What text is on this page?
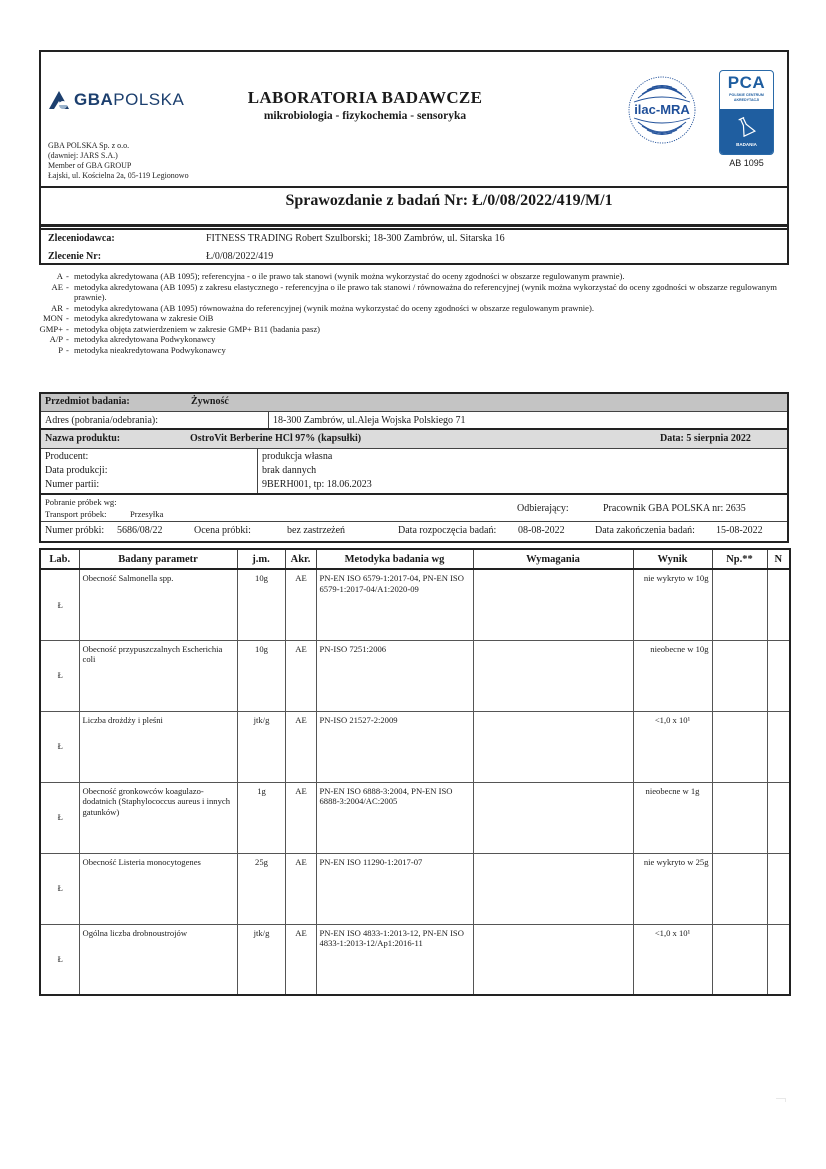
GBA POLSKA
GBA POLSKA Sp. z o.o.
(dawniej: JARS S.A.)
Member of GBA GROUP
Łajski, ul. Kościelna 2a, 05-119 Legionowo
LABORATORIA BADAWCZE
mikrobiologia - fizykochemia - sensoryka	ilac-MRA
PCA
POLSKIE CENTRUM
AKREDYTACJI
BADANIA
AB 1095
Sprawozdanie z badań Nr: Ł/0/08/2022/419/M/1
Zleceniodawca:	FITNESS TRADING Robert Szulborski; 18-300 Zambrów, ul. Sitarska 16
Zlecenie Nr:	Ł/0/08/2022/419
A - metodyka akredytowana (AB 1095); referencyjna - o ile prawo tak stanowi (wynik można wykorzystać do oceny zgodności w obszarze regulowanym prawnie).
AE - metodyka akredytowana (AB 1095) z zakresu elastycznego - referencyjna o ile prawo tak stanowi / równoważna do referencyjnej (wynik można wykorzystać do oceny zgodności w obszarze regulowanym prawnie).
AR - metodyka akredytowana (AB 1095) równoważna do referencyjnej (wynik można wykorzystać do oceny zgodności w obszarze regulowanym prawnie).
MON - metodyka akredytowana w zakresie OiB
GMP+ - metodyka objęta zatwierdzeniem w zakresie GMP+ B11 (badania pasz)
A/P - metodyka akredytowana Podwykonawcy
P - metodyka nieakredytowana Podwykonawcy
Przedmiot badania:	Żywność
Adres (pobrania/odebrania):	18-300 Zambrów, ul.Aleja Wojska Polskiego 71
Nazwa produktu:	OstroVit Berberine HCl 97% (kapsułki)	Data: 5 sierpnia 2022
Producent:	produkcja własna
Data produkcji:	brak dannych
Numer partii:	9BERH001, tp: 18.06.2023
Pobranie próbek wg:
Transport próbek:	Przesyłka	Odbierający:	Pracownik GBA POLSKA nr: 2635
Numer próbki: 5686/08/22	Ocena próbki:	bez zastrzeżeń	Data rozpoczęcia badań: 08-08-2022	Data zakończenia badań: 15-08-2022
Lab.	Badany parametr	j.m.	Akr.	Metodyka badania wg	Wymagania	Wynik	Np.**	N
Ł	Obecność Salmonella spp.	10g	AE	PN-EN ISO 6579-1:2017-04, PN-EN ISO 6579-1:2017-04/A1:2020-09		nie wykryto w 10g		
Ł	Obecność przypuszczalnych Escherichia coli	10g	AE	PN-ISO 7251:2006		nieobecne w 10g		
Ł	Liczba drożdży i pleśni	jtk/g	AE	PN-ISO 21527-2:2009		<1,0 x 10¹		
Ł	Obecność gronkowców koagulazo-dodatnich (Staphylococcus aureus i innych gatunków)	1g	AE	PN-EN ISO 6888-3:2004, PN-EN ISO 6888-3:2004/AC:2005		nieobecne w 1g		
Ł	Obecność Listeria monocytogenes	25g	AE	PN-EN ISO 11290-1:2017-07		nie wykryto w 25g		
Ł	Ogólna liczba drobnoustrojów	jtk/g	AE	PN-EN ISO 4833-1:2013-12, PN-EN ISO 4833-1:2013-12/Ap1:2016-11		<1,0 x 10¹		
